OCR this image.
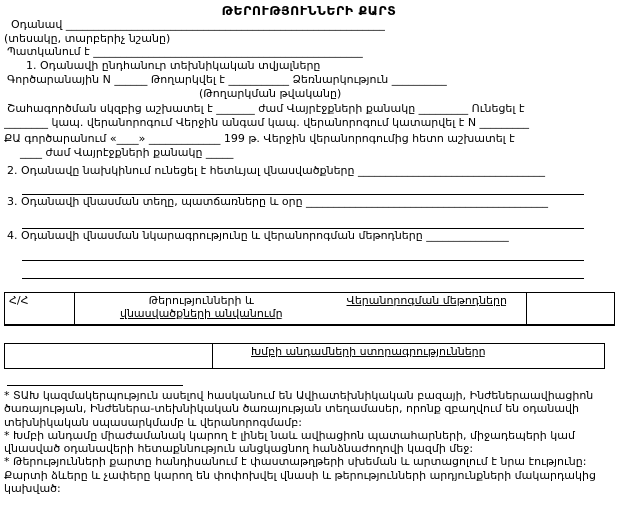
ԹԵՐՈՒԹՅՈՒՆՆԵՐԻ ՔԱՐՏ
Օդանավ __________________________________________________________
(տեսակը, տարբերիչ նշանը)
Պատկանում է _________________________________________________
1. Օդանավի ընդհանուր տեխնիկական տվյալները
Գործարանային N ______ Թողարկվել է ___________ Ձեռնարկություն __________
(Թողարկման թվականը)
Շահագործման սկզբից աշխատել է _______ ժամ Վայրէջքների քանակը _________ Ունեցել է
________ կապ. վերանորոգում Վերջին անգամ կապ. վերանորոգում կատարվել է N _________
ՔԱ գործարանում «____» _____________ 199 թ. Վերջին վերանորոգումից հետո աշխատել է
____ ժամ Վայրէջքների քանակը _____
2. Օդանավը նախկինում ունեցել է հետևյալ վնասվածքները __________________________________
3. Օդանավի վնասման տեղը, պատճառները և օրը ____________________________________________
4. Օդանավի վնասման նկարագրությունը և վերանորոգման մեթոդները _______________
Հ/Հ	Թերությունների և
վնասվածքների անվանումը
Վերանորոգման մեթոդները
Խմբի անդամների ստորագրությունները

* ՏԱԽ կազմակերպություն ասելով հասկանում են Ավիատեխնիկական բազայի, Ինժեներաավիացիոն ծառայության, Ինժեներա-տեխնիկական ծառայության տեղամասեր, որոնք զբաղվում են օդանավի տեխնիկական սպասարկմամբ և վերանորոգմամբ:

* Խմբի անդամը միաժամանակ կարող է լինել նաև ավիացիոն պատահարների, միջադեպերի կամ վնասված օդանավերի հետաքննություն անցկացնող հանձնաժողովի կազմի մեջ:

* Թերությունների քարտը հանդիսանում է փաստաթղթերի սխեման և արտացոլում է նրա էությունը: Քարտի ձևերը և չափերը կարող են փոփոխվել վնասի և թերությունների արդյունքների մակարդակից կախված:
